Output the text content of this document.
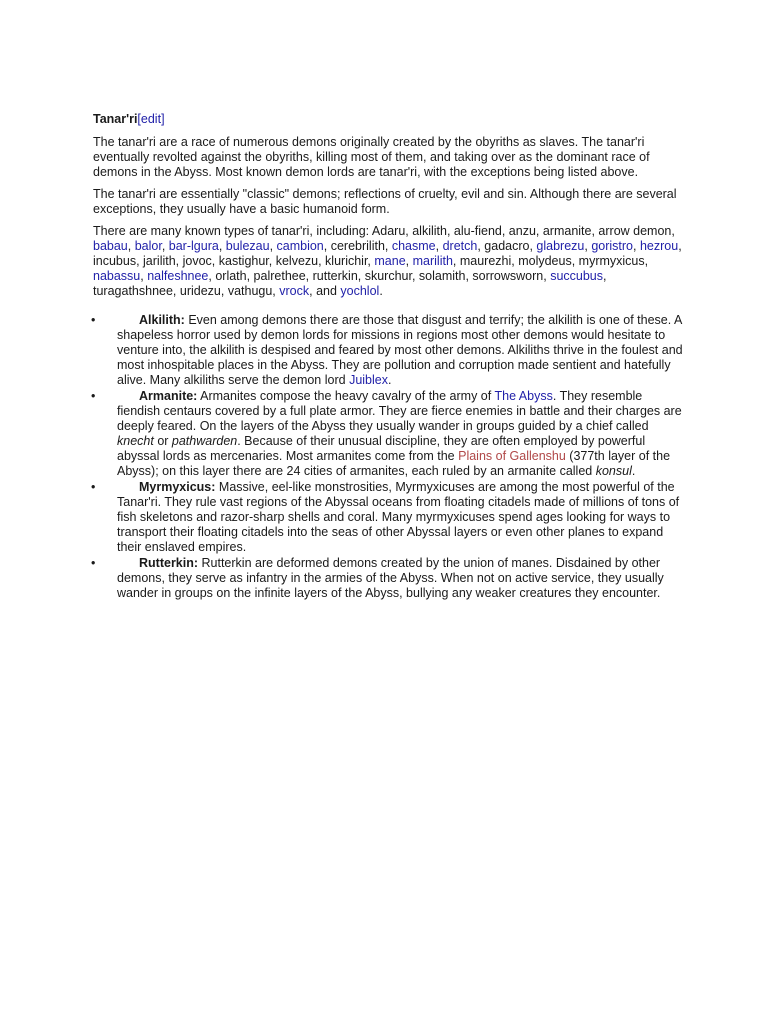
Tanar'ri[edit]

The tanar'ri are a race of numerous demons originally created by the obyriths as slaves. The tanar'ri eventually revolted against the obyriths, killing most of them, and taking over as the dominant race of demons in the Abyss. Most known demon lords are tanar'ri, with the exceptions being listed above.

The tanar'ri are essentially "classic" demons; reflections of cruelty, evil and sin. Although there are several exceptions, they usually have a basic humanoid form.

There are many known types of tanar'ri, including: Adaru, alkilith, alu-fiend, anzu, armanite, arrow demon, babau, balor, bar-lgura, bulezau, cambion, cerebrilith, chasme, dretch, gadacro, glabrezu, goristro, hezrou, incubus, jarilith, jovoc, kastighur, kelvezu, klurichir, mane, marilith, maurezhi, molydeus, myrmyxicus, nabassu, nalfeshnee, orlath, palrethee, rutterkin, skurchur, solamith, sorrowsworn, succubus, turagathshnee, uridezu, vathugu, vrock, and yochlol.

•	Alkilith: Even among demons there are those that disgust and terrify; the alkilith is one of these. A shapeless horror used by demon lords for missions in regions most other demons would hesitate to venture into, the alkilith is despised and feared by most other demons. Alkiliths thrive in the foulest and most inhospitable places in the Abyss. They are pollution and corruption made sentient and hatefully alive. Many alkiliths serve the demon lord Juiblex.
•	Armanite: Armanites compose the heavy cavalry of the army of The Abyss. They resemble fiendish centaurs covered by a full plate armor. They are fierce enemies in battle and their charges are deeply feared. On the layers of the Abyss they usually wander in groups guided by a chief called knecht or pathwarden. Because of their unusual discipline, they are often employed by powerful abyssal lords as mercenaries. Most armanites come from the Plains of Gallenshu (377th layer of the Abyss); on this layer there are 24 cities of armanites, each ruled by an armanite called konsul.
•	Myrmyxicus: Massive, eel-like monstrosities, Myrmyxicuses are among the most powerful of the Tanar'ri. They rule vast regions of the Abyssal oceans from floating citadels made of millions of tons of fish skeletons and razor-sharp shells and coral. Many myrmyxicuses spend ages looking for ways to transport their floating citadels into the seas of other Abyssal layers or even other planes to expand their enslaved empires.
•	Rutterkin: Rutterkin are deformed demons created by the union of manes. Disdained by other demons, they serve as infantry in the armies of the Abyss. When not on active service, they usually wander in groups on the infinite layers of the Abyss, bullying any weaker creatures they encounter.
